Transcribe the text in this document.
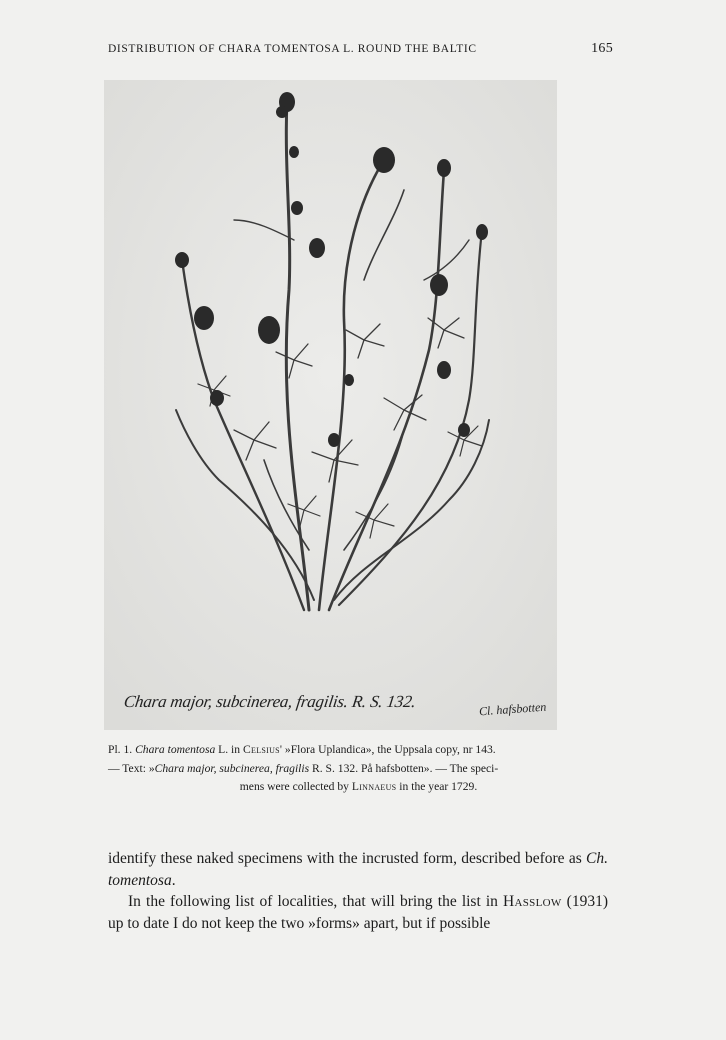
DISTRIBUTION OF CHARA TOMENTOSA L. ROUND THE BALTIC	165
Chara major, subcinerea, fragilis. R. S. 132.	Cl. hafsbotten
Pl. 1. Chara tomentosa L. in Celsius' »Flora Uplandica», the Uppsala copy, nr 143.
— Text: »Chara major, subcinerea, fragilis R. S. 132. På hafsbotten». — The speci-
mens were collected by Linnaeus in the year 1729.

identify these naked specimens with the incrusted form, described before as Ch. tomentosa.

In the following list of localities, that will bring the list in Hasslow (1931) up to date I do not keep the two »forms» apart, but if possible
